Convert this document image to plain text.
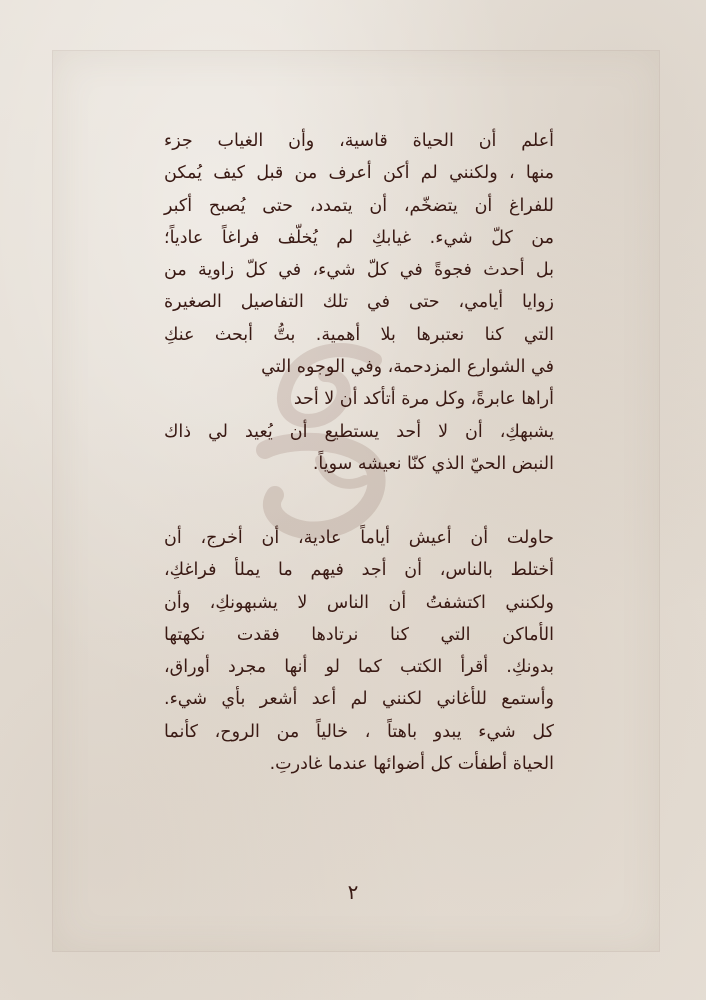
أعلم أن الحياة قاسية، وأن الغياب جزء
منها ، ولكنني لم أكن أعرف من قبل كيف يُمكن
للفراغ أن يتضخّم، أن يتمدد، حتى يُصبح أكبر
من كلّ شيء. غيابكِ لم يُخلّف فراغاً عادياً؛
بل أحدث فجوةً في كلّ شيء، في كلّ زاوية من
زوايا أيامي، حتى في تلك التفاصيل الصغيرة
التي كنا نعتبرها بلا أهمية. بتُّ أبحث عنكِ
في الشوارع المزدحمة، وفي الوجوه التي
أراها عابرةً، وكل مرة أتأكد أن لا أحد
يشبهكِ، أن لا أحد يستطيع أن يُعيد لي ذاك
النبض الحيّ الذي كنّا نعيشه سوياً.
حاولت أن أعيش أياماً عادية، أن أخرج، أن
أختلط بالناس، أن أجد فيهم ما يملأ فراغكِ،
ولكنني اكتشفتُ أن الناس لا يشبهونكِ، وأن
الأماكن التي كنا نرتادها فقدت نكهتها
بدونكِ. أقرأ الكتب كما لو أنها مجرد أوراق،
وأستمع للأغاني لكنني لم أعد أشعر بأي شيء.
كل شيء يبدو باهتاً ، خالياً من الروح، كأنما
الحياة أطفأت كل أضوائها عندما غادرتِ.
٢
